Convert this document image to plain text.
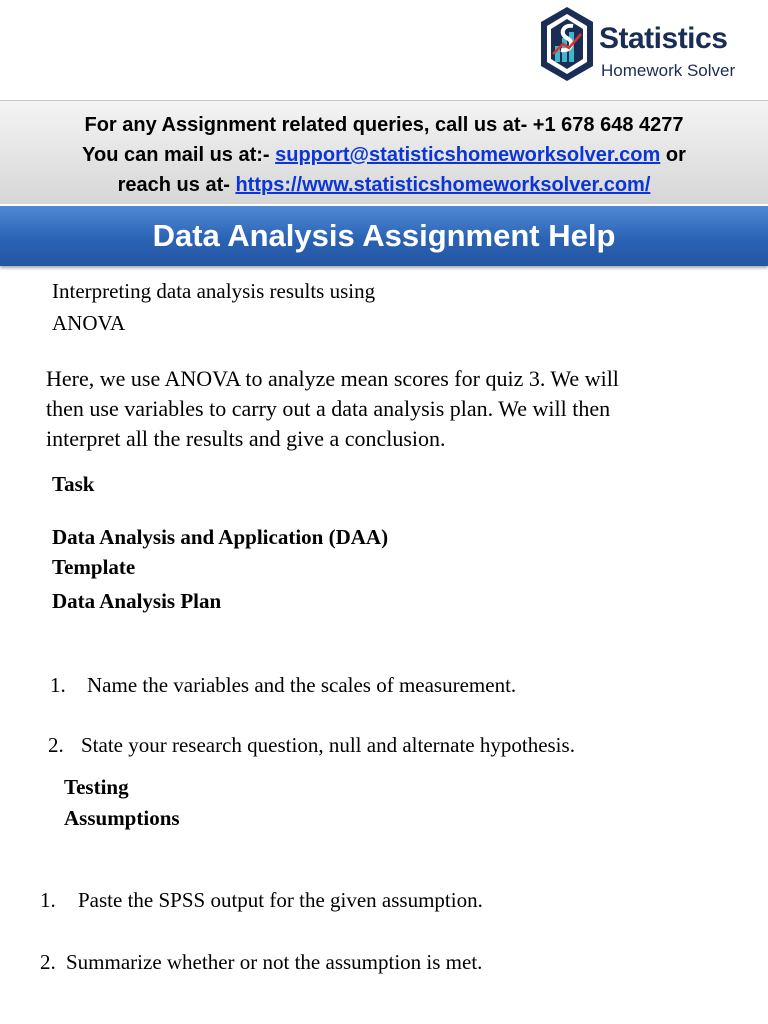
Statistics
Homework Solver
For any Assignment related queries, call us at- +1 678 648 4277
You can mail us at:- support@statisticshomeworksolver.com or
reach us at- https://www.statisticshomeworksolver.com/
Data Analysis Assignment Help
Interpreting data analysis results using
ANOVA
Here, we use ANOVA to analyze mean scores for quiz 3. We will
then use variables to carry out a data analysis plan. We will then
interpret all the results and give a conclusion.
Task
Data Analysis and Application (DAA)
Template
Data Analysis Plan
1. Name the variables and the scales of measurement.
2. State your research question, null and alternate hypothesis.
Testing
Assumptions
1. Paste the SPSS output for the given assumption.
2. Summarize whether or not the assumption is met.
